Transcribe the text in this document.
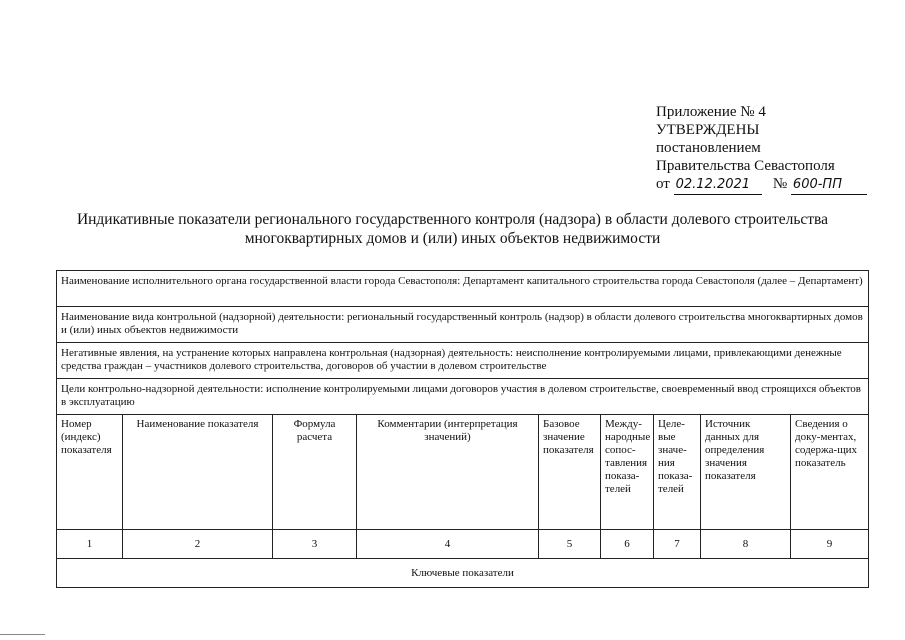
Приложение № 4
УТВЕРЖДЕНЫ
постановлением
Правительства Севастополя
от 02.12.2021 № 600-ПП
Индикативные показатели регионального государственного контроля (надзора) в области долевого строительства
многоквартирных домов и (или) иных объектов недвижимости
Наименование исполнительного органа государственной власти города Севастополя: Департамент капитального строительства города Севастополя (далее – Департамент)								
Наименование вида контрольной (надзорной) деятельности: региональный государственный контроль (надзор) в области долевого строительства многоквартирных домов и (или) иных объектов недвижимости								
Негативные явления, на устранение которых направлена контрольная (надзорная) деятельность: неисполнение контролируемыми лицами, привлекающими денежные средства граждан – участников долевого строительства, договоров об участии в долевом строительстве								
Цели контрольно-надзорной деятельности: исполнение контролируемыми лицами договоров участия в долевом строительстве, своевременный ввод строящихся объектов в эксплуатацию								
Номер (индекс) показателя	Наименование показателя	Формула расчета	Комментарии (интерпретация значений)	Базовое значение показателя	Между-народные сопос-тавления показа-телей	Целе-вые значе-ния показа-телей	Источник данных для определения значения показателя	Сведения о доку-ментах, содержа-щих показатель
1	2	3	4	5	6	7	8	9
Ключевые показатели								
